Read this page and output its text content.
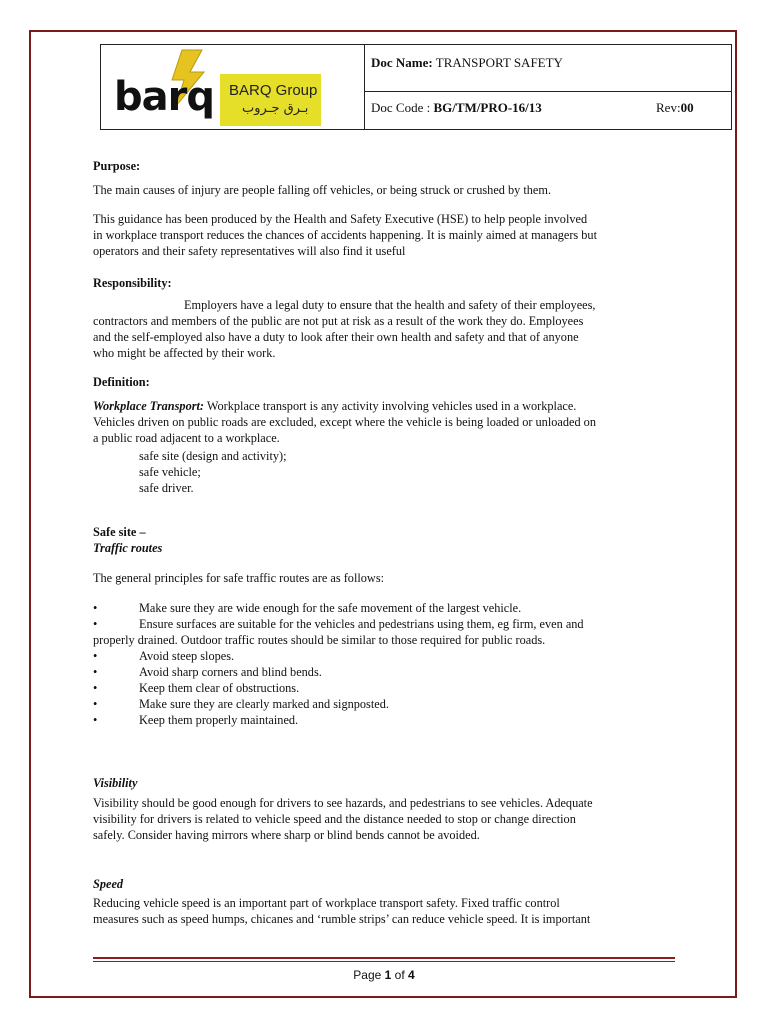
barq BARQ Group
بـرق جـروب
Doc Name: TRANSPORT SAFETY
Doc Code : BG/TM/PRO-16/13	Rev:00
Purpose:
The main causes of injury are people falling off vehicles, or being struck or crushed by them.
This guidance has been produced by the Health and Safety Executive (HSE) to help people involved
in workplace transport reduces the chances of accidents happening. It is mainly aimed at managers but
operators and their safety representatives will also find it useful
Responsibility:
Employers have a legal duty to ensure that the health and safety of their employees,
contractors and members of the public are not put at risk as a result of the work they do. Employees
and the self-employed also have a duty to look after their own health and safety and that of anyone
who might be affected by their work.
Definition:
Workplace Transport: Workplace transport is any activity involving vehicles used in a workplace.
Vehicles driven on public roads are excluded, except where the vehicle is being loaded or unloaded on
a public road adjacent to a workplace.
safe site (design and activity);
safe vehicle;
safe driver.
Safe site –
Traffic routes
The general principles for safe traffic routes are as follows:
•	Make sure they are wide enough for the safe movement of the largest vehicle.
•	Ensure surfaces are suitable for the vehicles and pedestrians using them, eg firm, even and
properly drained. Outdoor traffic routes should be similar to those required for public roads.
•	Avoid steep slopes.
•	Avoid sharp corners and blind bends.
•	Keep them clear of obstructions.
•	Make sure they are clearly marked and signposted.
•	Keep them properly maintained.
Visibility
Visibility should be good enough for drivers to see hazards, and pedestrians to see vehicles. Adequate
visibility for drivers is related to vehicle speed and the distance needed to stop or change direction
safely. Consider having mirrors where sharp or blind bends cannot be avoided.
Speed
Reducing vehicle speed is an important part of workplace transport safety. Fixed traffic control
measures such as speed humps, chicanes and ‘rumble strips’ can reduce vehicle speed. It is important
Page 1 of 4
